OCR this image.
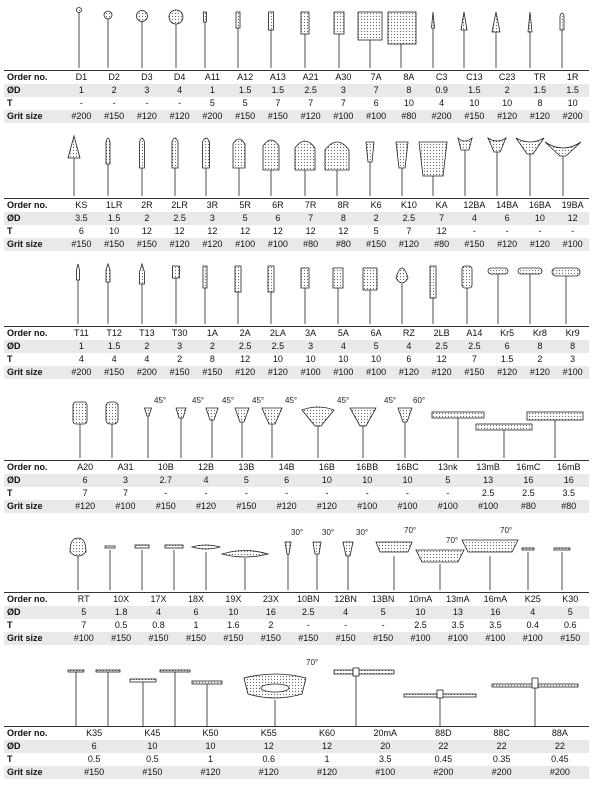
Order no.	D1	D2	D3	D4	A11	A12	A13	A21	A30	7A	8A	C3	C13	C23	TR	1R
ØD	1	2	3	4	1	1.5	1.5	2.5	3	7	8	0.9	1.5	2	1.5	1.5
T	-	-	-	-	5	5	7	7	7	6	10	4	10	10	8	10
Grit size	#200	#150	#120	#120	#200	#150	#150	#120	#100	#100	#80	#200	#150	#120	#120	#200
Order no.	KS	1LR	2R	2LR	3R	5R	6R	7R	8R	K6	K10	KA	12BA	14BA	16BA	19BA
ØD	3.5	1.5	2	2.5	3	5	6	7	8	2	2.5	7	4	6	10	12
T	6	10	12	12	12	12	12	12	12	5	7	12	-	-	-	-
Grit size	#150	#150	#150	#120	#120	#100	#100	#80	#80	#150	#120	#80	#150	#120	#120	#100
Order no.	T11	T12	T13	T30	1A	2A	2LA	3A	5A	6A	RZ	2LB	A14	Kr5	Kr8	Kr9
ØD	1	1.5	2	3	2	2.5	2.5	3	4	5	4	2.5	2.5	6	8	8
T	4	4	4	2	8	12	10	10	10	10	6	12	7	1.5	2	3
Grit size	#200	#150	#200	#150	#150	#120	#120	#100	#100	#100	#120	#120	#150	#120	#120	#100
45°	45° 45° 45°	45°	45°	45° 60°
Order no.	A20	A31	10B	12B	13B	14B	16B	16BB	16BC	13nk	13mB	16mC	16mB
ØD	6	3	2.7	4	5	6	10	10	10	5	13	16	16
T	7	7	-	-	-	-	-	-	-	-	2.5	2.5	3.5
Grit size	#120	#100	#150	#120	#150	#120	#120	#100	#100	#100	#100	#80	#80
30° 30°	30°	70°
70°
70°
Order no.	RT	10X	17X	18X	19X	23X	10BN	12BN	13BN	10mA	13mA	16mA	K25	K30
ØD	5	1.8	4	6	10	16	2.5	4	5	10	13	16	4	5
T	7	0.5	0.8	1	1.6	2	-	-	-	2.5	3.5	3.5	0.4	0.6
Grit size	#100	#150	#150	#150	#150	#150	#150	#150	#150	#100	#100	#100	#100	#150
70°
Order no.	K35	K45	K50	K55	K60	20mA	88D	88C	88A
ØD	6	10	10	12	12	20	22	22	22
T	0.5	0.5	1	0.6	1	3.5	0.45	0.35	0.45
Grit size	#150	#150	#120	#120	#120	#100	#200	#200	#200
